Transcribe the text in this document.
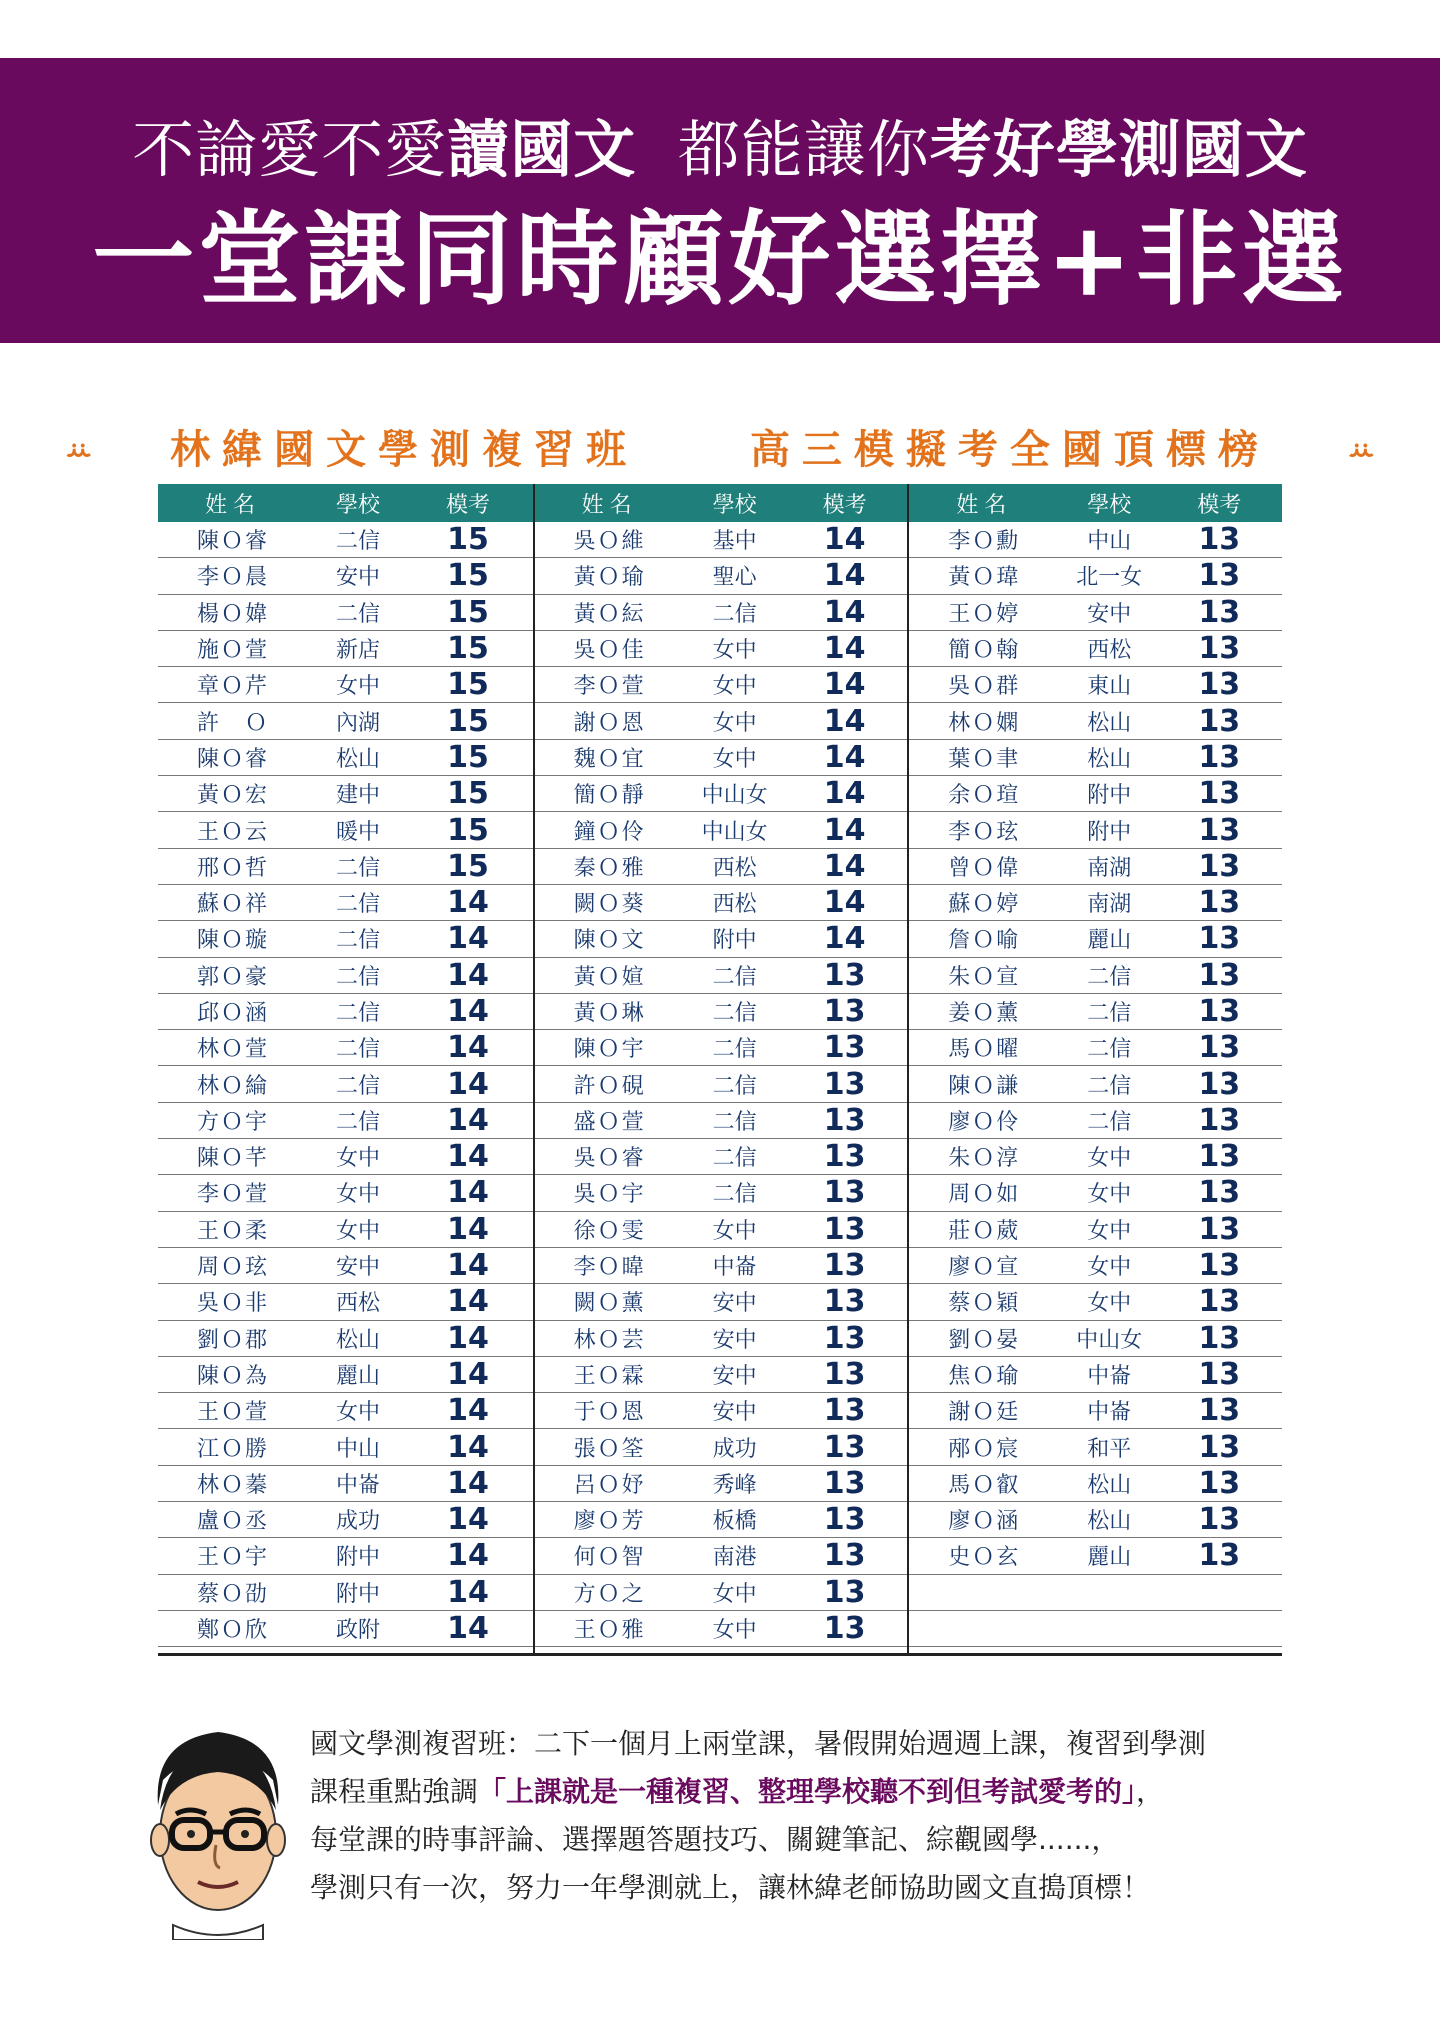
不論愛不愛讀國文 都能讓你考好學測國文
一堂課同時顧好選擇+非選
ꕁ 林緯國文學測複習班	高三模擬考全國頂標榜	ꕁ
姓名	學校	模考
陳Ｏ睿	二信	15
李Ｏ晨	安中	15
楊Ｏ媁	二信	15
施Ｏ萱	新店	15
章Ｏ芹	女中	15
許　Ｏ	內湖	15
陳Ｏ睿	松山	15
黃Ｏ宏	建中	15
王Ｏ云	暖中	15
邢Ｏ哲	二信	15
蘇Ｏ祥	二信	14
陳Ｏ璇	二信	14
郭Ｏ豪	二信	14
邱Ｏ涵	二信	14
林Ｏ萱	二信	14
林Ｏ綸	二信	14
方Ｏ宇	二信	14
陳Ｏ芊	女中	14
李Ｏ萱	女中	14
王Ｏ柔	女中	14
周Ｏ玹	安中	14
吳Ｏ非	西松	14
劉Ｏ郡	松山	14
陳Ｏ為	麗山	14
王Ｏ萱	女中	14
江Ｏ勝	中山	14
林Ｏ蓁	中崙	14
盧Ｏ丞	成功	14
王Ｏ宇	附中	14
蔡Ｏ劭	附中	14
鄭Ｏ欣	政附	14
姓名	學校	模考
吳Ｏ維	基中	14
黃Ｏ瑜	聖心	14
黃Ｏ紜	二信	14
吳Ｏ佳	女中	14
李Ｏ萱	女中	14
謝Ｏ恩	女中	14
魏Ｏ宜	女中	14
簡Ｏ靜	中山女	14
鐘Ｏ伶	中山女	14
秦Ｏ雅	西松	14
闕Ｏ葵	西松	14
陳Ｏ文	附中	14
黃Ｏ媗	二信	13
黃Ｏ琳	二信	13
陳Ｏ宇	二信	13
許Ｏ硯	二信	13
盛Ｏ萱	二信	13
吳Ｏ睿	二信	13
吳Ｏ宇	二信	13
徐Ｏ雯	女中	13
李Ｏ暐	中崙	13
闕Ｏ薰	安中	13
林Ｏ芸	安中	13
王Ｏ霖	安中	13
于Ｏ恩	安中	13
張Ｏ筌	成功	13
呂Ｏ妤	秀峰	13
廖Ｏ芳	板橋	13
何Ｏ智	南港	13
方Ｏ之	女中	13
王Ｏ雅	女中	13
姓名	學校	模考
李Ｏ勳	中山	13
黃Ｏ瑋	北一女	13
王Ｏ婷	安中	13
簡Ｏ翰	西松	13
吳Ｏ群	東山	13
林Ｏ嫻	松山	13
葉Ｏ聿	松山	13
余Ｏ瑄	附中	13
李Ｏ玹	附中	13
曾Ｏ偉	南湖	13
蘇Ｏ婷	南湖	13
詹Ｏ喻	麗山	13
朱Ｏ宣	二信	13
姜Ｏ薰	二信	13
馬Ｏ曜	二信	13
陳Ｏ謙	二信	13
廖Ｏ伶	二信	13
朱Ｏ淳	女中	13
周Ｏ如	女中	13
莊Ｏ葳	女中	13
廖Ｏ宣	女中	13
蔡Ｏ穎	女中	13
劉Ｏ晏	中山女	13
焦Ｏ瑜	中崙	13
謝Ｏ廷	中崙	13
邴Ｏ宸	和平	13
馬Ｏ叡	松山	13
廖Ｏ涵	松山	13
史Ｏ玄	麗山	13
國文學測複習班：二下一個月上兩堂課，暑假開始週週上課，複習到學測
課程重點強調「上課就是一種複習、整理學校聽不到但考試愛考的」，
每堂課的時事評論、選擇題答題技巧、關鍵筆記、綜觀國學......，
學測只有一次，努力一年學測就上，讓林緯老師協助國文直搗頂標！
